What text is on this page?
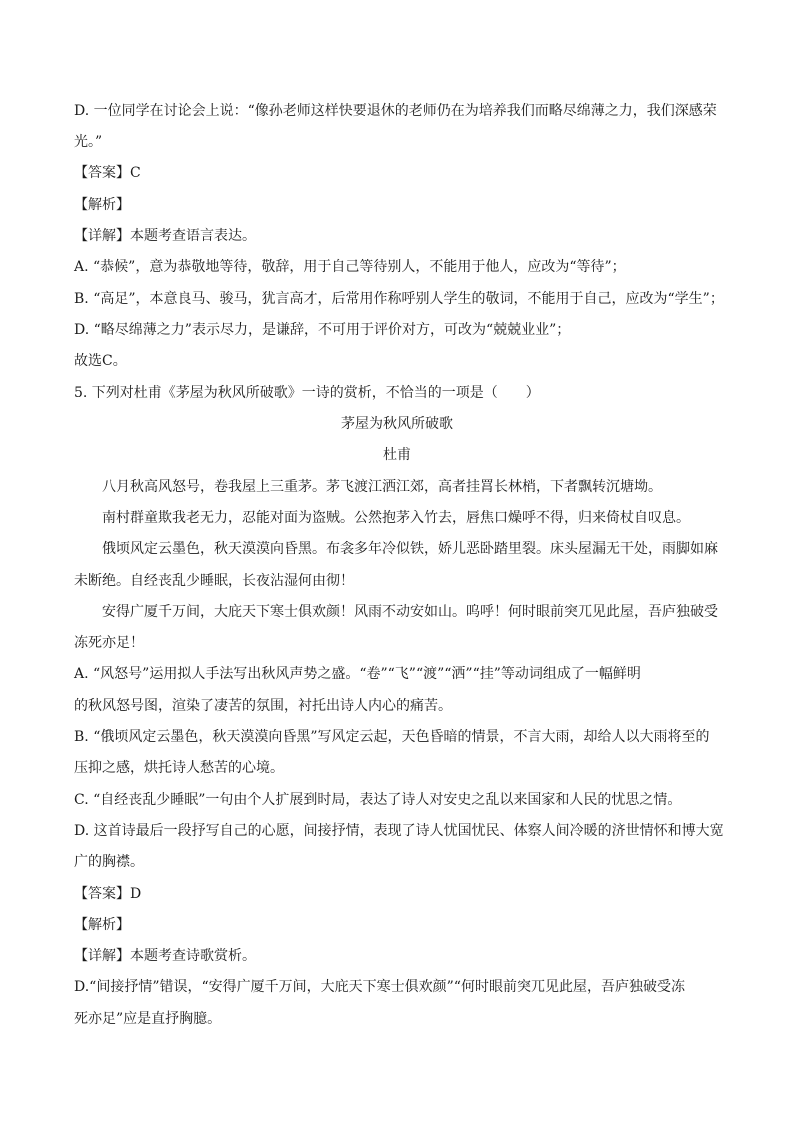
D. 一位同学在讨论会上说：“像孙老师这样快要退休的老师仍在为培养我们而略尽绵薄之力，我们深感荣
光。”
【答案】C
【解析】
【详解】本题考查语言表达。
A. “恭候”，意为恭敬地等待，敬辞，用于自己等待别人，不能用于他人，应改为“等待”；
B. “高足”，本意良马、骏马，犹言高才，后常用作称呼别人学生的敬词，不能用于自己，应改为“学生”；
D. “略尽绵薄之力”表示尽力，是谦辞，不可用于评价对方，可改为“兢兢业业”；
故选C。
5. 下列对杜甫《茅屋为秋风所破歌》一诗的赏析，不恰当的一项是（　　）
茅屋为秋风所破歌
杜甫
八月秋高风怒号，卷我屋上三重茅。茅飞渡江洒江郊，高者挂罥长林梢，下者飘转沉塘坳。
南村群童欺我老无力，忍能对面为盗贼。公然抱茅入竹去，唇焦口燥呼不得，归来倚杖自叹息。
俄顷风定云墨色，秋天漠漠向昏黑。布衾多年冷似铁，娇儿恶卧踏里裂。床头屋漏无干处，雨脚如麻
未断绝。自经丧乱少睡眠，长夜沾湿何由彻！
安得广厦千万间，大庇天下寒士俱欢颜！风雨不动安如山。呜呼！何时眼前突兀见此屋，吾庐独破受
冻死亦足！
A. “风怒号”运用拟人手法写出秋风声势之盛。“卷”“飞”“渡”“洒”“挂”等动词组成了一幅鲜明
的秋风怒号图，渲染了凄苦的氛围，衬托出诗人内心的痛苦。
B. “俄顷风定云墨色，秋天漠漠向昏黑”写风定云起，天色昏暗的情景，不言大雨，却给人以大雨将至的
压抑之感，烘托诗人愁苦的心境。
C. “自经丧乱少睡眠”一句由个人扩展到时局，表达了诗人对安史之乱以来国家和人民的忧思之情。
D. 这首诗最后一段抒写自己的心愿，间接抒情，表现了诗人忧国忧民、体察人间冷暖的济世情怀和博大宽
广的胸襟。
【答案】D
【解析】
【详解】本题考查诗歌赏析。
D.“间接抒情”错误，“安得广厦千万间，大庇天下寒士俱欢颜”“何时眼前突兀见此屋，吾庐独破受冻
死亦足”应是直抒胸臆。
